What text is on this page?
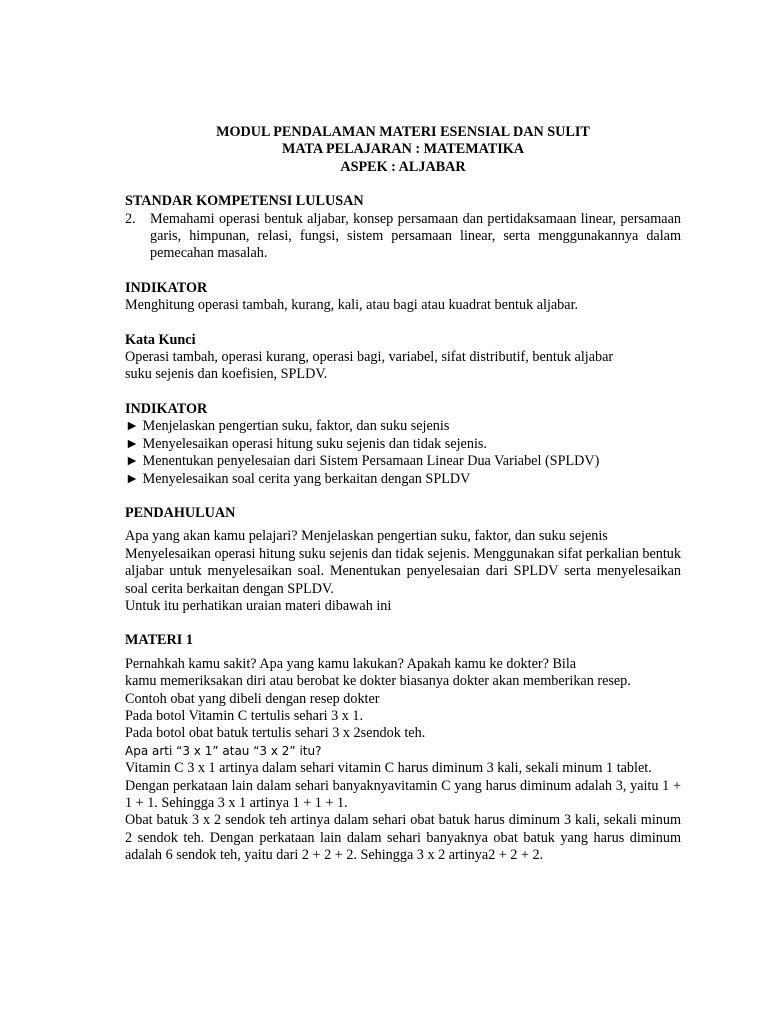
MODUL PENDALAMAN MATERI ESENSIAL DAN SULIT

MATA PELAJARAN : MATEMATIKA

ASPEK : ALJABAR

STANDAR KOMPETENSI LULUSAN

2.	Memahami operasi bentuk aljabar, konsep persamaan dan pertidaksamaan linear, persamaan garis, himpunan, relasi, fungsi, sistem persamaan linear, serta menggunakannya dalam pemecahan masalah.

INDIKATOR

Menghitung operasi tambah, kurang, kali, atau bagi atau kuadrat bentuk aljabar.

Kata Kunci

Operasi tambah, operasi kurang, operasi bagi, variabel, sifat distributif, bentuk aljabar

suku sejenis dan koefisien, SPLDV.

INDIKATOR

► Menjelaskan pengertian suku, faktor, dan suku sejenis

► Menyelesaikan operasi hitung suku sejenis dan tidak sejenis.

► Menentukan penyelesaian dari Sistem Persamaan Linear Dua Variabel (SPLDV)

► Menyelesaikan soal cerita yang berkaitan dengan SPLDV

PENDAHULUAN

Apa yang akan kamu pelajari? Menjelaskan pengertian suku, faktor, dan suku sejenis

Menyelesaikan operasi hitung suku sejenis dan tidak sejenis. Menggunakan sifat perkalian bentuk aljabar untuk menyelesaikan soal. Menentukan penyelesaian dari SPLDV serta menyelesaikan soal cerita berkaitan dengan SPLDV.

Untuk itu perhatikan uraian materi dibawah ini

MATERI 1

Pernahkah kamu sakit? Apa yang kamu lakukan? Apakah kamu ke dokter? Bila

kamu memeriksakan diri atau berobat ke dokter biasanya dokter akan memberikan resep.

Contoh obat yang dibeli dengan resep dokter

Pada botol Vitamin C tertulis sehari 3 x 1.

Pada botol obat batuk tertulis sehari 3 x 2sendok teh.

Apa arti “3 x 1” atau “3 x 2” itu?

Vitamin C 3 x 1 artinya dalam sehari vitamin C harus diminum 3 kali, sekali minum 1 tablet.

Dengan perkataan lain dalam sehari banyaknyavitamin C yang harus diminum adalah 3, yaitu 1 + 1 + 1. Sehingga 3 x 1 artinya 1 + 1 + 1.

Obat batuk 3 x 2 sendok teh artinya dalam sehari obat batuk harus diminum 3 kali, sekali minum 2 sendok teh. Dengan perkataan lain dalam sehari banyaknya obat batuk yang harus diminum adalah 6 sendok teh, yaitu dari 2 + 2 + 2. Sehingga 3 x 2 artinya2 + 2 + 2.
